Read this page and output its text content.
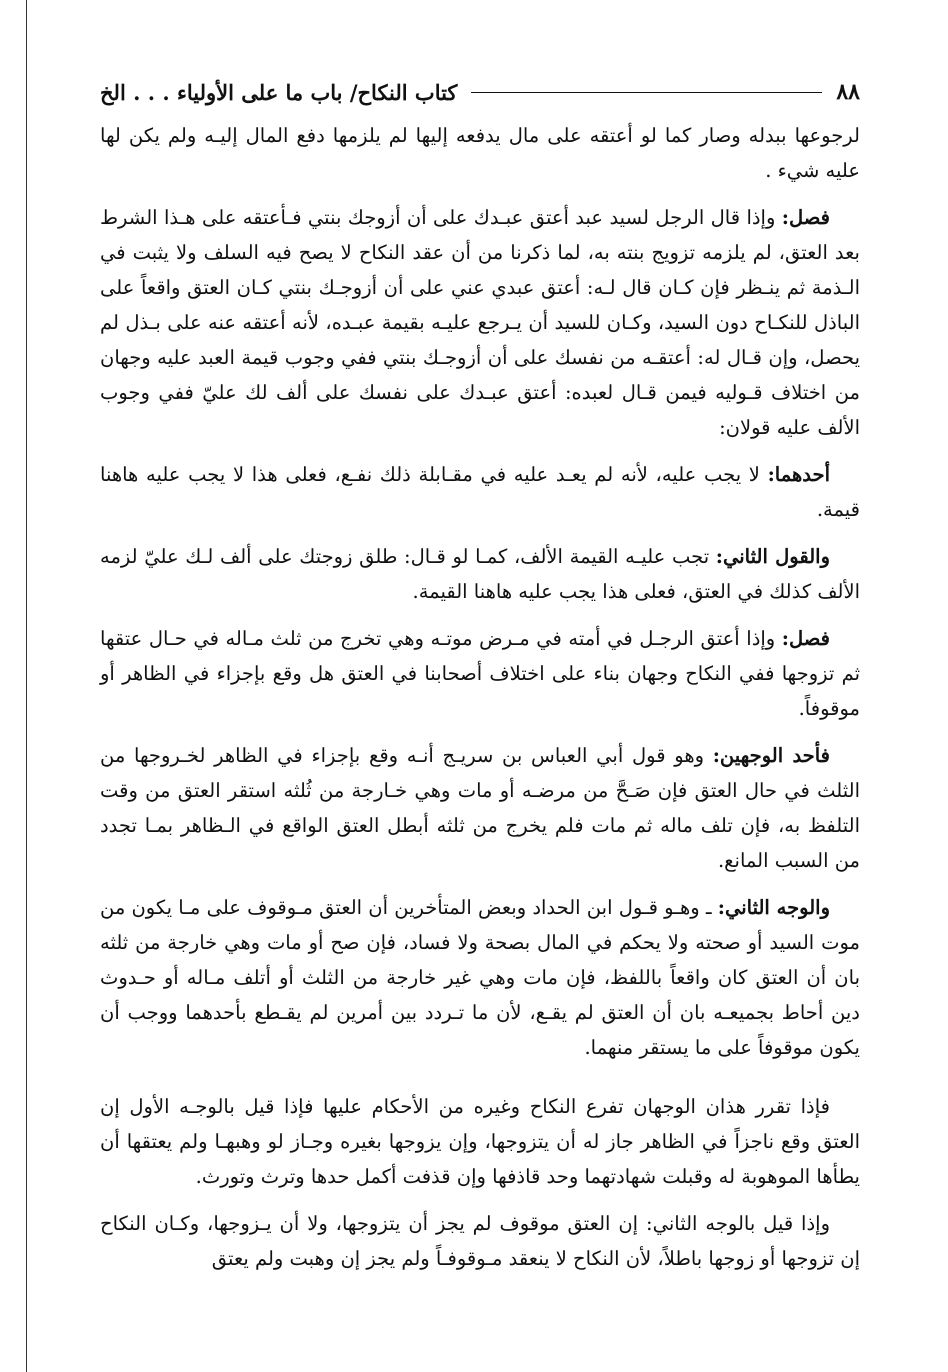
٨٨
كتاب النكاح/ باب ما على الأولياء . . . الخ

لرجوعها ببدله وصار كما لو أعتقه على مال يدفعه إليها لم يلزمها دفع المال إليـه ولم يكن لها عليه شيء .

فصل: وإذا قال الرجل لسيد عبد أعتق عبـدك على أن أزوجك بنتي فـأعتقه على هـذا الشرط بعد العتق، لم يلزمه تزويج بنته به، لما ذكرنا من أن عقد النكاح لا يصح فيه السلف ولا يثبت في الـذمة ثم ينـظر فإن كـان قال لـه: أعتق عبدي عني على أن أزوجـك بنتي كـان العتق واقعاً على الباذل للنكـاح دون السيد، وكـان للسيد أن يـرجع عليـه بقيمة عبـده، لأنه أعتقه عنه على بـذل لم يحصل، وإن قـال له: أعتقـه من نفسك على أن أزوجـك بنتي ففي وجوب قيمة العبد عليه وجهان من اختلاف قـوليه فيمن قـال لعبده: أعتق عبـدك على نفسك على ألف لك عليّ ففي وجوب الألف عليه قولان:

أحدهما: لا يجب عليه، لأنه لم يعـد عليه في مقـابلة ذلك نفـع، فعلى هذا لا يجب عليه هاهنا قيمة.

والقول الثاني: تجب عليـه القيمة الألف، كمـا لو قـال: طلق زوجتك على ألف لـك عليّ لزمه الألف كذلك في العتق، فعلى هذا يجب عليه هاهنا القيمة.

فصل: وإذا أعتق الرجـل في أمته في مـرض موتـه وهي تخرج من ثلث مـاله في حـال عتقها ثم تزوجها ففي النكاح وجهان بناء على اختلاف أصحابنا في العتق هل وقع بإجزاء في الظاهر أو موقوفاً.

فأحد الوجهين: وهو قول أبي العباس بن سريـج أنـه وقع بإجزاء في الظاهر لخـروجها من الثلث في حال العتق فإن صَـحَّ من مرضـه أو مات وهي خـارجة من ثُلثه استقر العتق من وقت التلفظ به، فإن تلف ماله ثم مات فلم يخرج من ثلثه أبطل العتق الواقع في الـظاهر بمـا تجدد من السبب المانع.

والوجه الثاني: ـ وهـو قـول ابن الحداد وبعض المتأخرين أن العتق مـوقوف على مـا يكون من موت السيد أو صحته ولا يحكم في المال بصحة ولا فساد، فإن صح أو مات وهي خارجة من ثلثه بان أن العتق كان واقعاً باللفظ، فإن مات وهي غير خارجة من الثلث أو أتلف مـاله أو حـدوث دين أحاط بجميعـه بان أن العتق لم يقـع، لأن ما تـردد بين أمرين لم يقـطع بأحدهما ووجب أن يكون موقوفاً على ما يستقر منهما.

فإذا تقرر هذان الوجهان تفرع النكاح وغيره من الأحكام عليها فإذا قيل بالوجـه الأول إن العتق وقع ناجزاً في الظاهر جاز له أن يتزوجها، وإن يزوجها بغيره وجـاز لو وهبهـا ولم يعتقها أن يطأها الموهوبة له وقبلت شهادتهما وحد قاذفها وإن قذفت أكمل حدها وترث وتورث.

وإذا قيل بالوجه الثاني: إن العتق موقوف لم يجز أن يتزوجها، ولا أن يـزوجها، وكـان النكاح إن تزوجها أو زوجها باطلاً، لأن النكاح لا ينعقد مـوقوفـاً ولم يجز إن وهبت ولم يعتق
